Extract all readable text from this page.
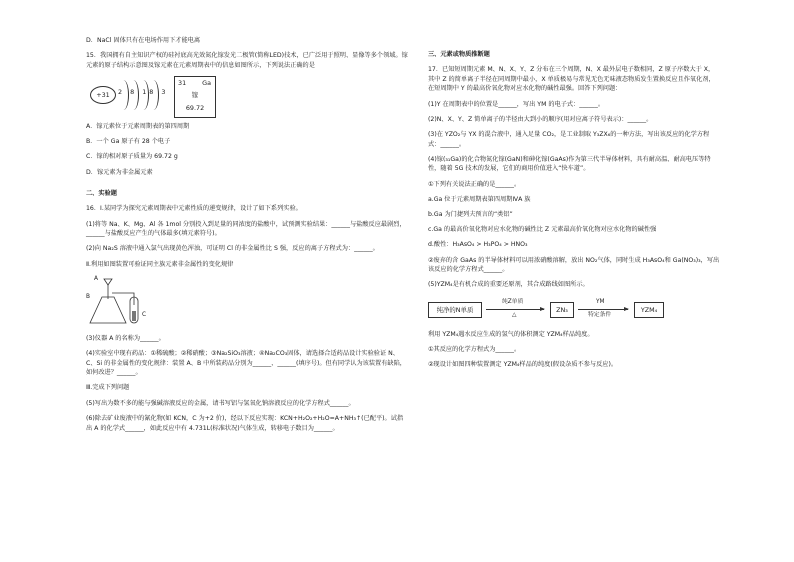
D．NaCl 固体只有在电场作用下才能电离

15．我国拥有自主知识产权的硅衬底高光效氮化镓发光二极管(简称LED)技术，已广泛用于照明、显像等多个领域。镓元素的原子结构示意图及镓元素在元素周期表中的信息如图所示，下列说法正确的是

+31	2 8 18 3
31 Ga
镓
69.72

A．镓元素位于元素周期表的第四周期

B．一个 Ga 原子有 28 个电子

C．镓的相对原子质量为 69.72 g

D．镓元素为非金属元素

二、实验题

16．Ⅰ.某同学为探究元素周期表中元素性质的递变规律，设计了如下系列实验。

(1)将等 Na、K、Mg、Al 各 1mol 分别投入到足量的同浓度的盐酸中，试预测实验结果：______与盐酸反应最剧烈，______与盐酸反应产生的气体最多(填元素符号)。

(2)向 Na₂S 溶液中通入氯气出现黄色浑浊，可证明 Cl 的非金属性比 S 强，反应的离子方程式为：______。

Ⅱ.利用如图装置可验证同主族元素非金属性的变化规律

A
B
C

(3)仪器 A 的名称为______。

(4)实验室中现有药品：①稀硫酸；②稀硝酸；③Na₂SiO₃溶液；④Na₂CO₃固体，请选择合适药品设计实验验证 N、C、Si 的非金属性的变化规律：装置 A、B 中所装药品分别为______、______(填序号)。但有同学认为该装置有缺陷，如何改进？______。

Ⅲ.完成下列问题

(5)写出为数不多的能与强碱溶液反应的金属，请书写铝与氢氧化钠溶液反应的化学方程式______。

(6)除去矿业废液中的氰化物(如 KCN，C 为+2 价)，经以下反应实现：KCN+H₂O₂+H₂O=A+NH₃↑(已配平)。试指出 A 的化学式______，如此反应中有 4.731L(标准状况)气体生成，转移电子数目为______。

三、元素或物质推断题

17．已知短周期元素 M、N、X、Y、Z 分布在三个周期，N、X 最外层电子数相同，Z 原子序数大于 X，其中 Z 的简单离子半径在同周期中最小，X 单质极易与常见无色无味液态物质发生置换反应且作氧化剂，在短周期中 Y 的最高价氧化物对应水化物的碱性最强。回答下列问题：

(1)Y 在周期表中的位置是______，写出 YM 的电子式：______。

(2)N、X、Y、Z 简单离子的半径由大到小的顺序(用对应离子符号表示)：______。

(3)在 YZO₂与 YX 的混合液中，通入足量 CO₂，是工业制取 Y₃ZX₆的一种方法，写出该反应的化学方程式：______。

(4)镓(₃₁Ga)的化合物氮化镓(GaN)和砷化镓(GaAs)作为第三代半导体材料，具有耐高温、耐高电压等特性，随着 5G 技术的发展，它们的商用价值进入“快车道”。

①下列有关说法正确的是______。

a.Ga 位于元素周期表第四周期ⅣA 族

b.Ga 为门捷列夫预言的“类铝”

c.Ga 的最高价氧化物对应水化物的碱性比 Z 元素最高价氧化物对应水化物的碱性强

d.酸性：H₃AsO₄ > H₃PO₄ > HNO₃

②废弃的含 GaAs 的半导体材料可以用浓硝酸溶解，放出 NO₂气体，同时生成 H₃AsO₄和 Ga(NO₃)₃，写出该反应的化学方程式______。

(5)YZM₄是有机合成的重要还原剂，其合成路线如图所示。

纯净的N单质
纯Z单质
△
ZN₃
YM
特定条件
YZM₄

利用 YZM₄遇水反应生成的氢气的体积测定 YZM₄样品纯度。

①其反应的化学方程式为______。

②现设计如图四种装置测定 YZM₄样品的纯度(假设杂质不参与反应)。
